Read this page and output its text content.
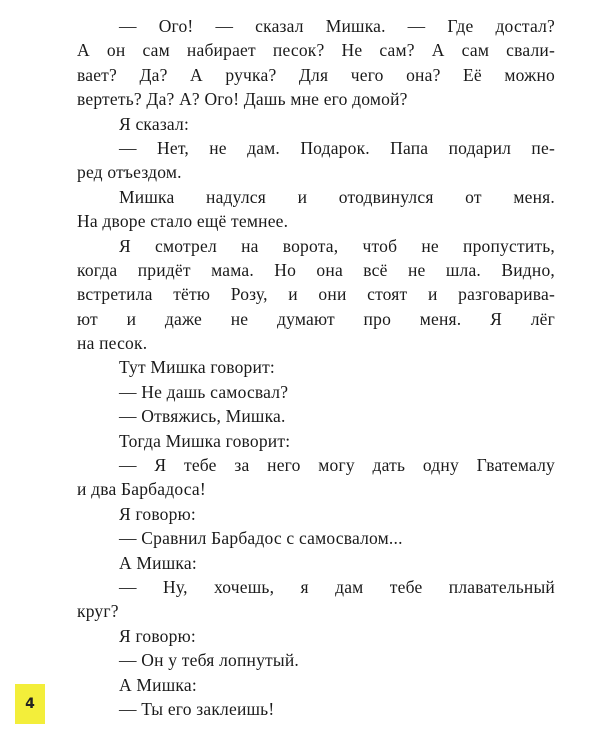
— Ого! — сказал Мишка. — Где достал?
А он сам набирает песок? Не сам? А сам свали-
вает? Да? А ручка? Для чего она? Её можно
вертеть? Да? А? Ого! Дашь мне его домой?
Я сказал:
— Нет, не дам. Подарок. Папа подарил пе-
ред отъездом.
Мишка надулся и отодвинулся от меня.
На дворе стало ещё темнее.
Я смотрел на ворота, чтоб не пропустить,
когда придёт мама. Но она всё не шла. Видно,
встретила тётю Розу, и они стоят и разговарива-
ют и даже не думают про меня. Я лёг
на песок.
Тут Мишка говорит:
— Не дашь самосвал?
— Отвяжись, Мишка.
Тогда Мишка говорит:
— Я тебе за него могу дать одну Гватемалу
и два Барбадоса!
Я говорю:
— Сравнил Барбадос с самосвалом...
А Мишка:
— Ну, хочешь, я дам тебе плавательный
круг?
Я говорю:
— Он у тебя лопнутый.
А Мишка:
— Ты его заклеишь!
4
